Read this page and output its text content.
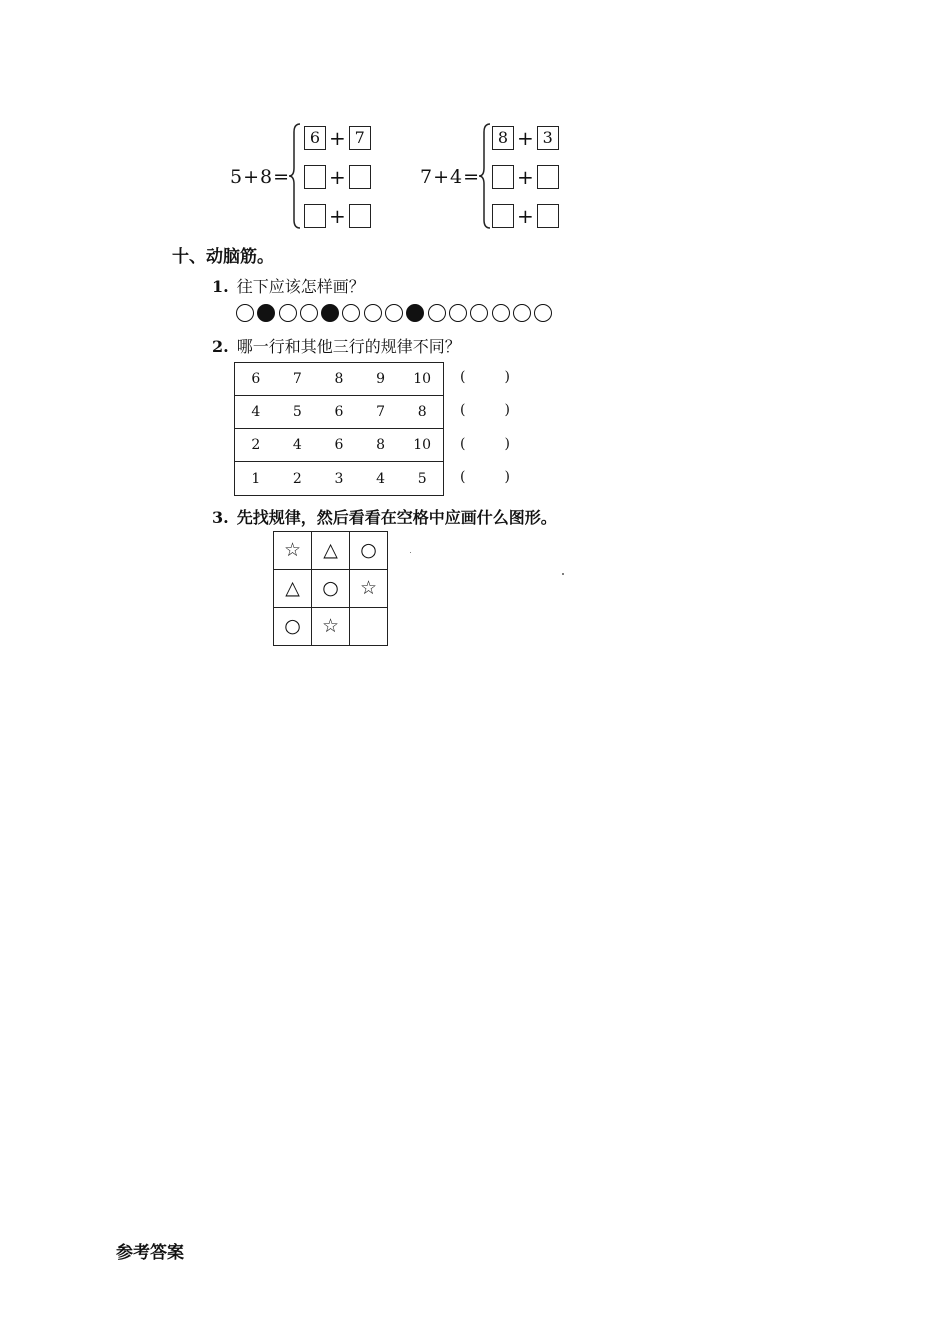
5+8=
6 + 7
+
+
7+4=
8 + 3
+
+
十、动脑筋。
1. 往下应该怎样画？
2. 哪一行和其他三行的规律不同？
6	7	8	9	10
4	5	6	7	8
2	4	6	8	10
1	2	3	4	5
(	)
(	)
(	)
(	)
3. 先找规律，然后看看在空格中应画什么图形。
☆	△	○
△	○	☆
○	☆	
参考答案
